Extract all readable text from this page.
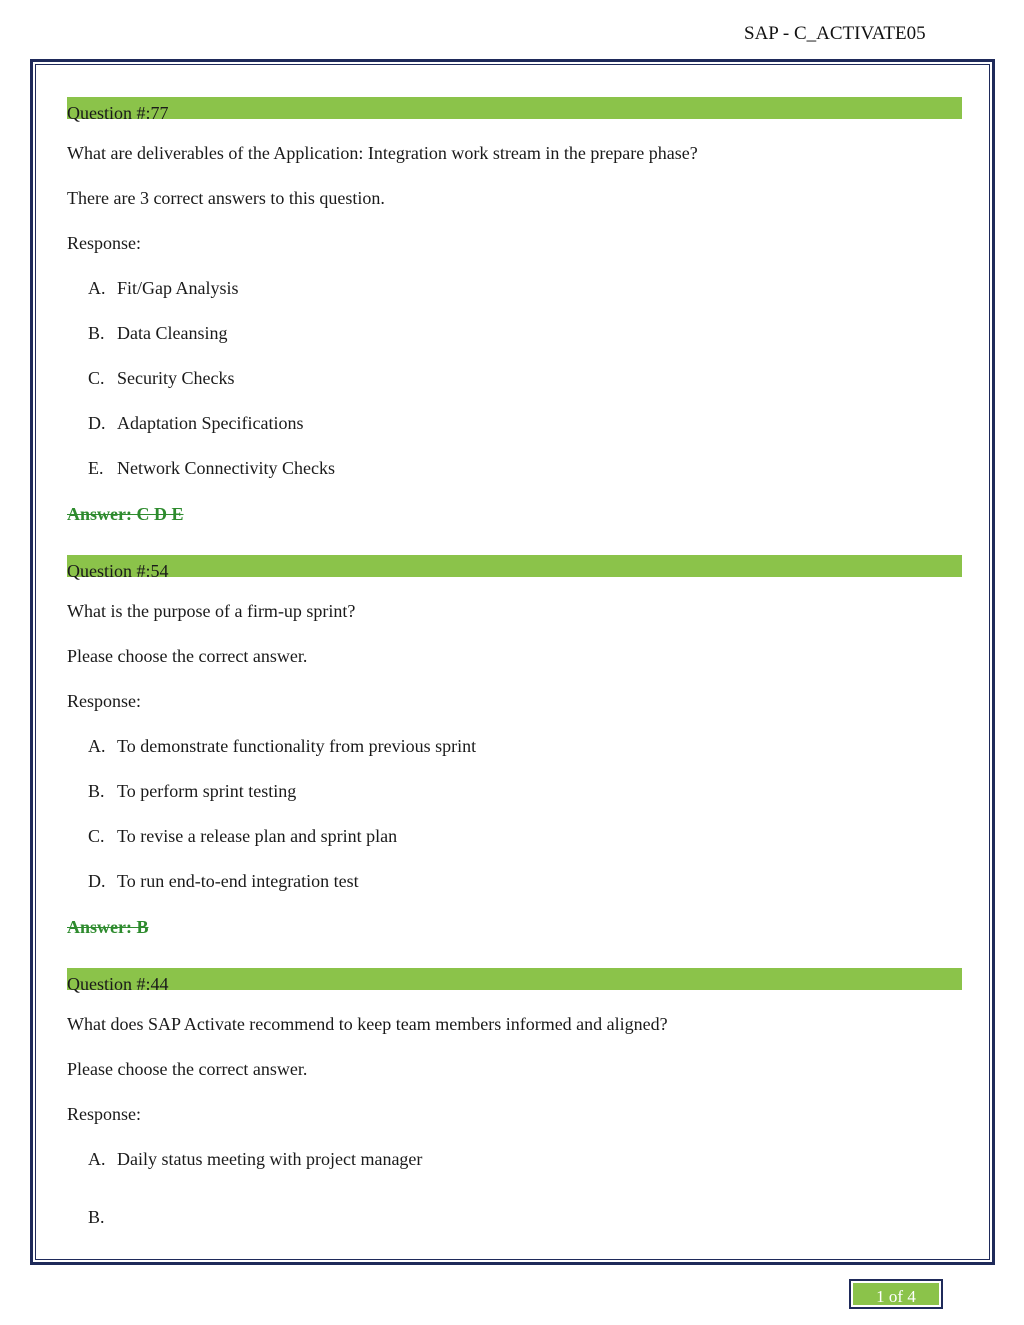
SAP - C_ACTIVATE05
Question #:77
What are deliverables of the Application: Integration work stream in the prepare phase?
There are 3 correct answers to this question.
Response:
A. Fit/Gap Analysis
B. Data Cleansing
C. Security Checks
D. Adaptation Specifications
E. Network Connectivity Checks
Answer: C D E
Question #:54
What is the purpose of a firm-up sprint?
Please choose the correct answer.
Response:
A. To demonstrate functionality from previous sprint
B. To perform sprint testing
C. To revise a release plan and sprint plan
D. To run end-to-end integration test
Answer: B
Question #:44
What does SAP Activate recommend to keep team members informed and aligned?
Please choose the correct answer.
Response:
A. Daily status meeting with project manager
B.
1 of 4
